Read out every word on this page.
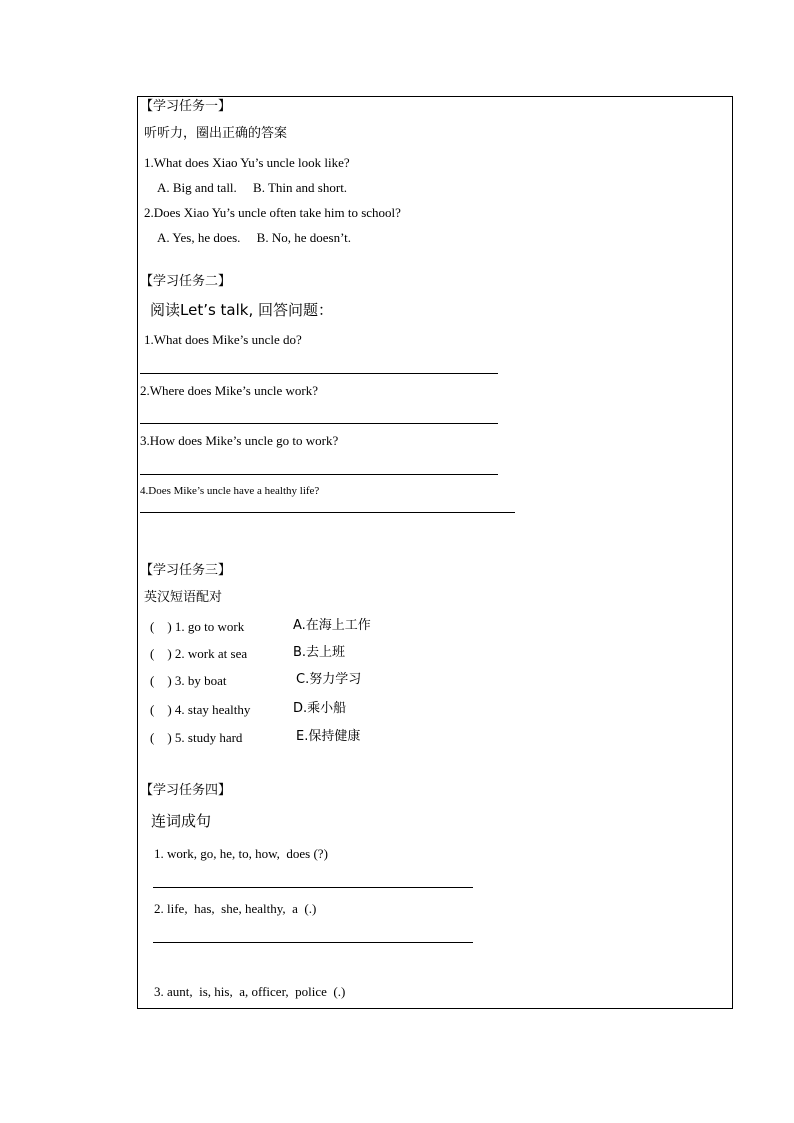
【学习任务一】
听听力，圈出正确的答案
1.What does Xiao Yu’s uncle look like?
A. Big and tall.     B. Thin and short.
2.Does Xiao Yu’s uncle often take him to school?
A. Yes, he does.     B. No, he doesn’t.
【学习任务二】
阅读Let’s talk, 回答问题：
1.What does Mike’s uncle do?
2.Where does Mike’s uncle work?
3.How does Mike’s uncle go to work?
4.Does Mike’s uncle have a healthy life?
【学习任务三】
英汉短语配对
(    ) 1. go to work	A.在海上工作
(    ) 2. work at sea	B.去上班
(    ) 3. by boat	C.努力学习
(    ) 4. stay healthy	D.乘小船
(    ) 5. study hard	E.保持健康
【学习任务四】
连词成句
1. work, go, he, to, how,  does (?)
2. life,  has,  she, healthy,  a  (.)
3. aunt,  is, his,  a, officer,  police  (.)
